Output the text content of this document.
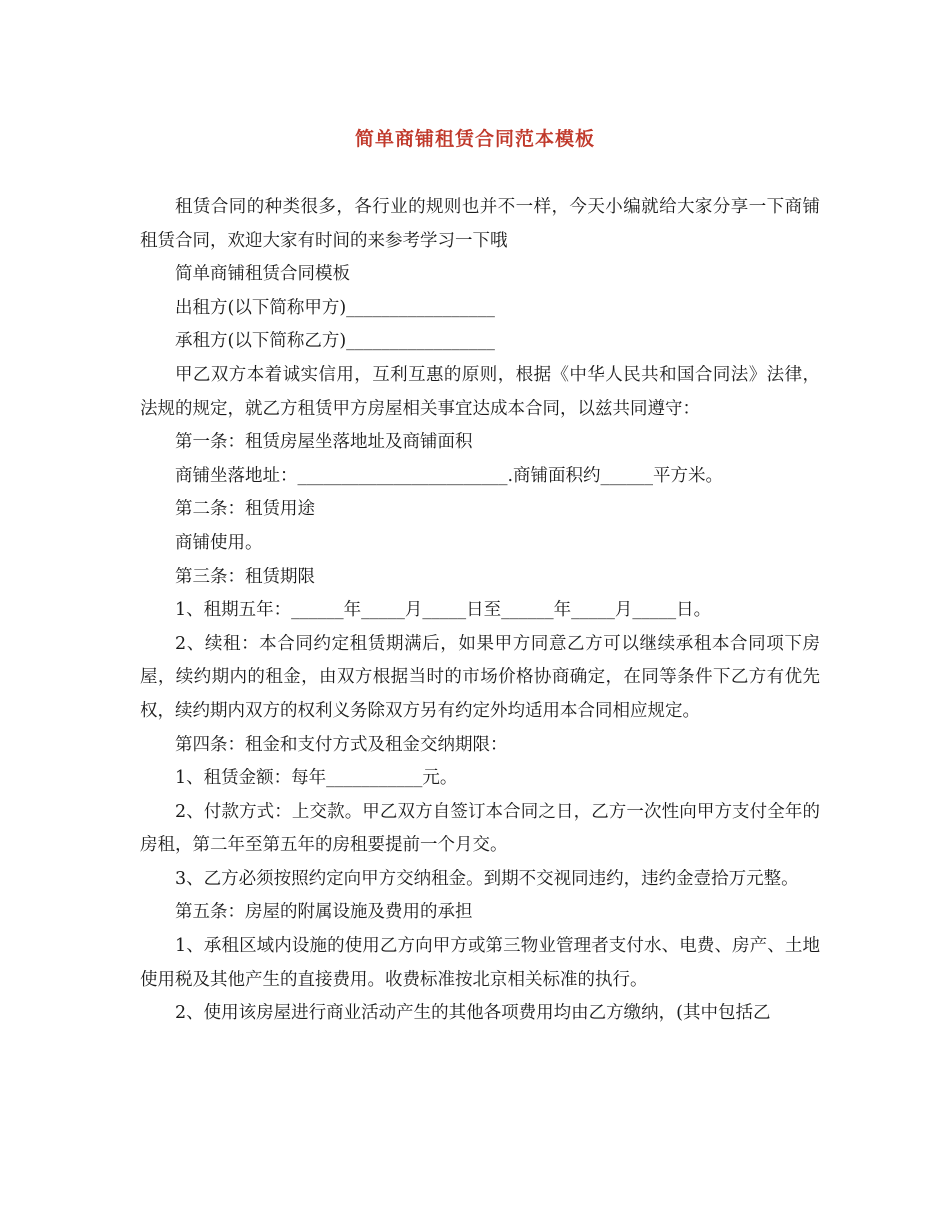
简单商铺租赁合同范本模板

租赁合同的种类很多，各行业的规则也并不一样，今天小编就给大家分享一下商铺租赁合同，欢迎大家有时间的来参考学习一下哦

简单商铺租赁合同模板

出租方(以下简称甲方)_________________

承租方(以下简称乙方)_________________

甲乙双方本着诚实信用，互利互惠的原则，根据《中华人民共和国合同法》法律，法规的规定，就乙方租赁甲方房屋相关事宜达成本合同，以兹共同遵守：

第一条：租赁房屋坐落地址及商铺面积

商铺坐落地址：________________________.商铺面积约______平方米。

第二条：租赁用途

商铺使用。

第三条：租赁期限

1、租期五年：______年_____月_____日至______年_____月_____日。

2、续租：本合同约定租赁期满后，如果甲方同意乙方可以继续承租本合同项下房屋，续约期内的租金，由双方根据当时的市场价格协商确定，在同等条件下乙方有优先权，续约期内双方的权利义务除双方另有约定外均适用本合同相应规定。

第四条：租金和支付方式及租金交纳期限：

1、租赁金额：每年___________元。

2、付款方式：上交款。甲乙双方自签订本合同之日，乙方一次性向甲方支付全年的房租，第二年至第五年的房租要提前一个月交。

3、乙方必须按照约定向甲方交纳租金。到期不交视同违约，违约金壹拾万元整。

第五条：房屋的附属设施及费用的承担

1、承租区域内设施的使用乙方向甲方或第三物业管理者支付水、电费、房产、土地使用税及其他产生的直接费用。收费标准按北京相关标准的执行。

2、使用该房屋进行商业活动产生的其他各项费用均由乙方缴纳，(其中包括乙
